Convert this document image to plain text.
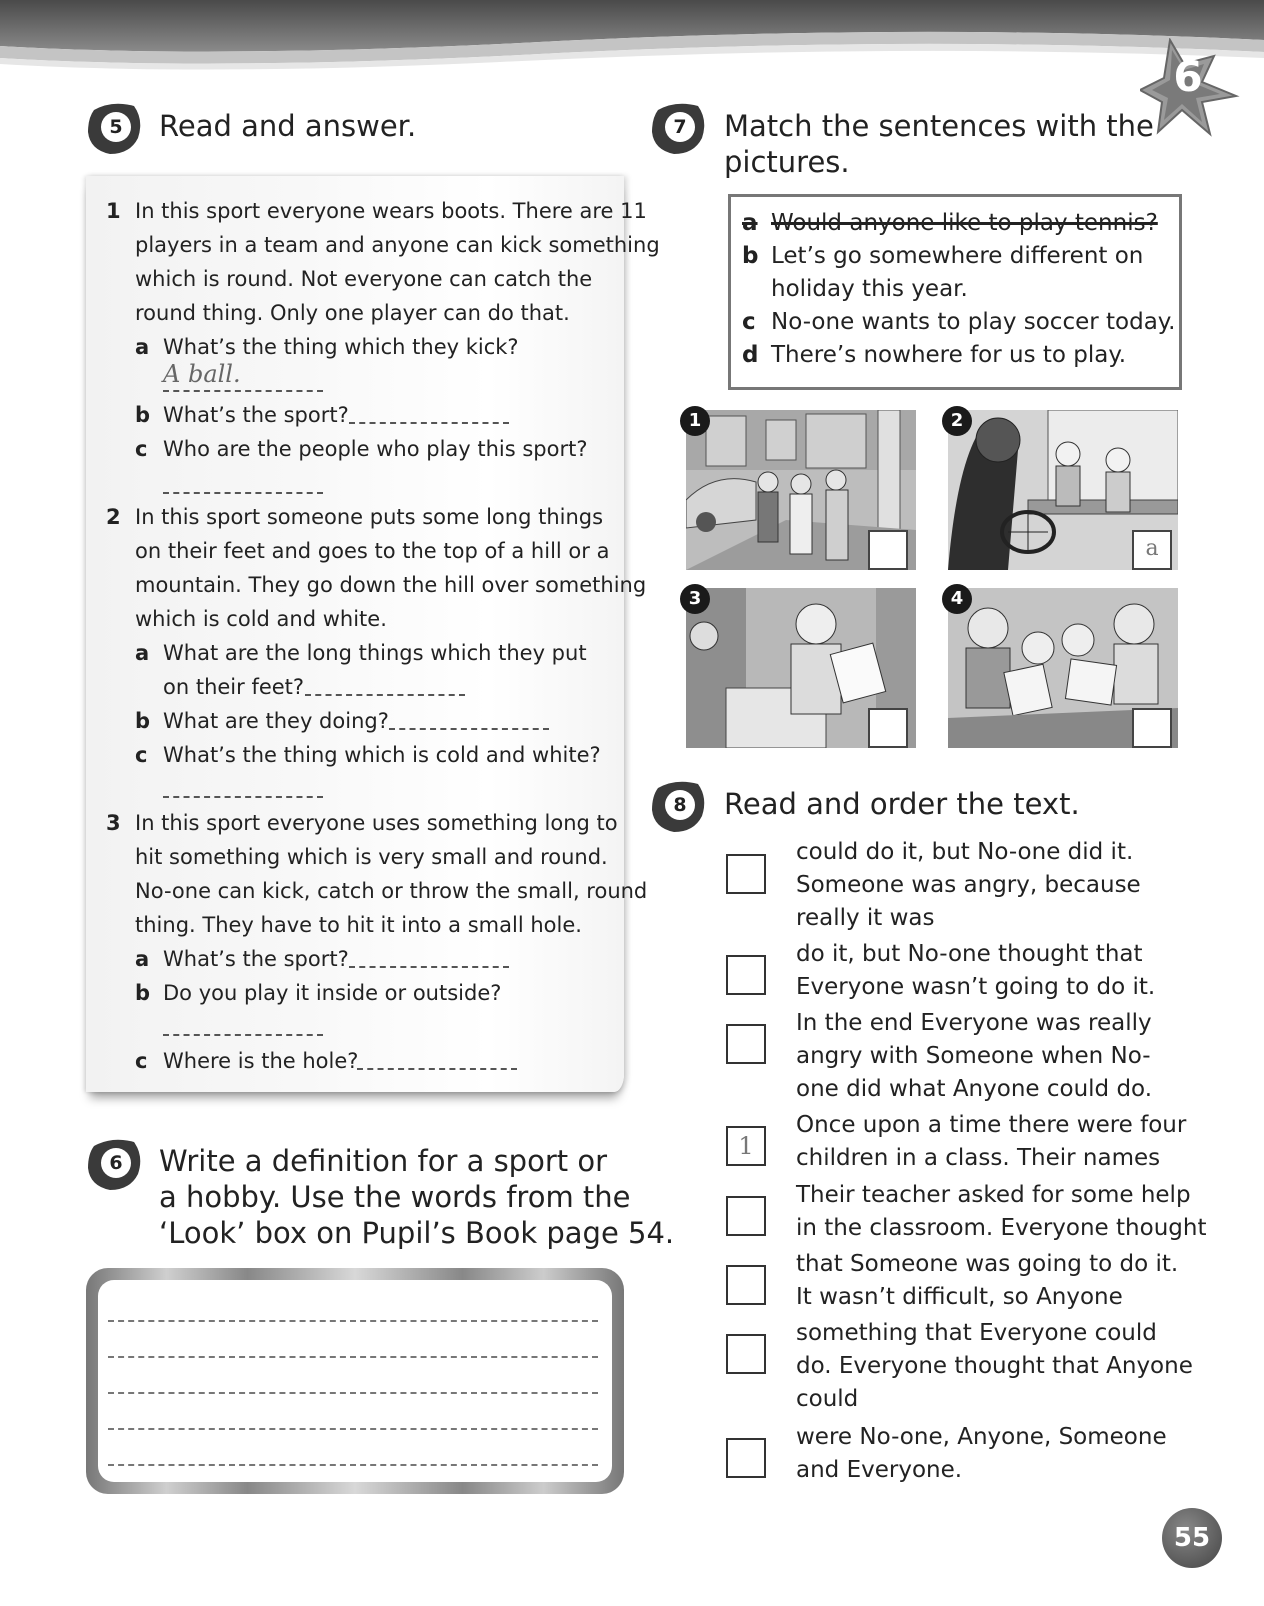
6
5 Read and answer.
1 In this sport everyone wears boots. There are 11
players in a team and anyone can kick something
which is round. Not everyone can catch the
round thing. Only one player can do that.
a What’s the thing which they kick?
A ball.
b What’s the sport?
c Who are the people who play this sport?
2 In this sport someone puts some long things
on their feet and goes to the top of a hill or a
mountain. They go down the hill over something
which is cold and white.
a What are the long things which they put
on their feet?
b What are they doing?
c What’s the thing which is cold and white?
3 In this sport everyone uses something long to
hit something which is very small and round.
No-one can kick, catch or throw the small, round
thing. They have to hit it into a small hole.
a What’s the sport?
b Do you play it inside or outside?
c Where is the hole?
6 Write a definition for a sport or
a hobby. Use the words from the
‘Look’ box on Pupil’s Book page 54.
7 Match the sentences with the
pictures.
a Would anyone like to play tennis?
b Let’s go somewhere different on
holiday this year.
c No-one wants to play soccer today.
d There’s nowhere for us to play.
1	2
a
3	4
8 Read and order the text.
could do it, but No-one did it.
Someone was angry, because
really it was
do it, but No-one thought that
Everyone wasn’t going to do it.
In the end Everyone was really
angry with Someone when No-
one did what Anyone could do.
1
Once upon a time there were four
children in a class. Their names
Their teacher asked for some help
in the classroom. Everyone thought
that Someone was going to do it.
It wasn’t difficult, so Anyone
something that Everyone could
do. Everyone thought that Anyone
could
were No-one, Anyone, Someone
and Everyone.
55
